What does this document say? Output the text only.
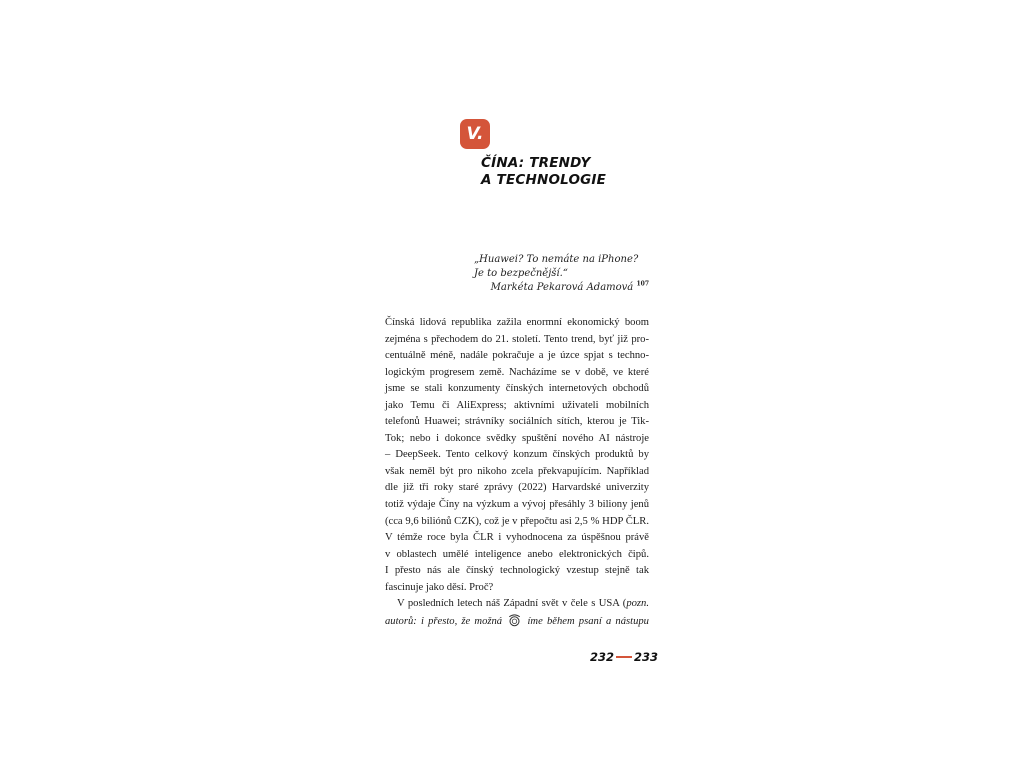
V.
ČÍNA: TRENDY
A TECHNOLOGIE
„Huawei? To nemáte na iPhone?
Je to bezpečnější.“
Markéta Pekarová Adamová $^{107}$
Čínská lidová republika zažila enormní ekonomický boom
zejména s přechodem do 21. století. Tento trend, byť již pro-
centuálně méně, nadále pokračuje a je úzce spjat s techno-
logickým progresem země. Nacházíme se v době, ve které
jsme se stali konzumenty čínských internetových obchodů
jako Temu či AliExpress; aktivními uživateli mobilních
telefonů Huawei; strávníky sociálních sítích, kterou je Tik-
Tok; nebo i dokonce svědky spuštění nového AI nástroje
– DeepSeek. Tento celkový konzum čínských produktů by
však neměl být pro nikoho zcela překvapujícím. Například
dle již tři roky staré zprávy (2022) Harvardské univerzity
totiž výdaje Číny na výzkum a vývoj přesáhly 3 biliony jenů
(cca 9,6 biliónů CZK), což je v přepočtu asi 2,5 % HDP ČLR.
V témže roce byla ČLR i vyhodnocena za úspěšnou právě
v oblastech umělé inteligence anebo elektronických čipů.
I přesto nás ale čínský technologický vzestup stejně tak
fascinuje jako děsí. Proč?
V posledních letech náš Západní svět v čele s USA (pozn.
autorů: i přesto, že možná íme během psaní a nástupu
232 233
